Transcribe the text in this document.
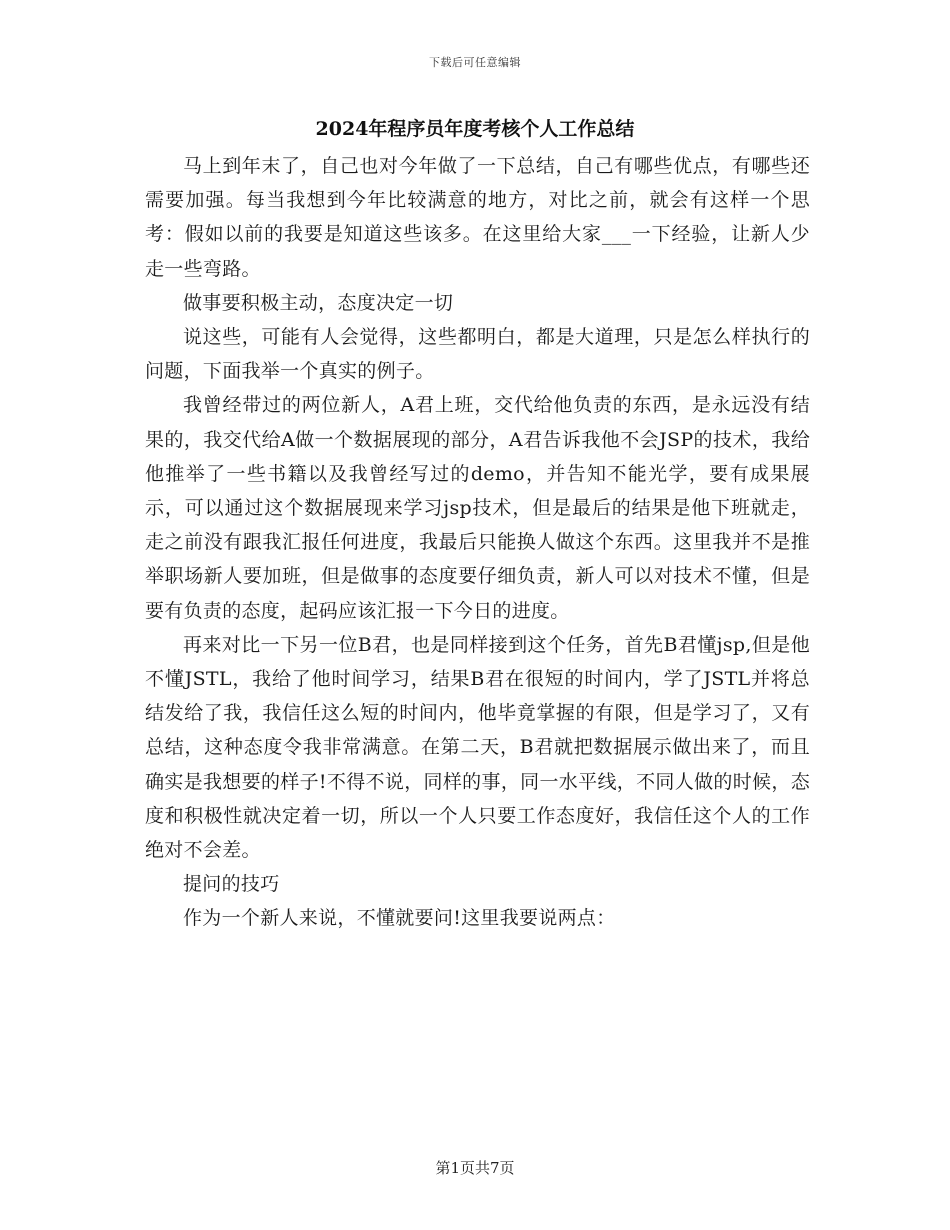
下载后可任意编辑
2024年程序员年度考核个人工作总结

马上到年末了，自己也对今年做了一下总结，自己有哪些优点，有哪些还需要加强。每当我想到今年比较满意的地方，对比之前，就会有这样一个思考：假如以前的我要是知道这些该多。在这里给大家___一下经验，让新人少走一些弯路。

做事要积极主动，态度决定一切

说这些，可能有人会觉得，这些都明白，都是大道理，只是怎么样执行的问题，下面我举一个真实的例子。

我曾经带过的两位新人，A君上班，交代给他负责的东西，是永远没有结果的，我交代给A做一个数据展现的部分，A君告诉我他不会JSP的技术，我给他推举了一些书籍以及我曾经写过的demo，并告知不能光学，要有成果展示，可以通过这个数据展现来学习jsp技术，但是最后的结果是他下班就走，走之前没有跟我汇报任何进度，我最后只能换人做这个东西。这里我并不是推举职场新人要加班，但是做事的态度要仔细负责，新人可以对技术不懂，但是要有负责的态度，起码应该汇报一下今日的进度。

再来对比一下另一位B君，也是同样接到这个任务，首先B君懂jsp,但是他不懂JSTL，我给了他时间学习，结果B君在很短的时间内，学了JSTL并将总结发给了我，我信任这么短的时间内，他毕竟掌握的有限，但是学习了，又有总结，这种态度令我非常满意。在第二天，B君就把数据展示做出来了，而且确实是我想要的样子!不得不说，同样的事，同一水平线，不同人做的时候，态度和积极性就决定着一切，所以一个人只要工作态度好，我信任这个人的工作绝对不会差。

提问的技巧

作为一个新人来说，不懂就要问!这里我要说两点：

第1页共7页
